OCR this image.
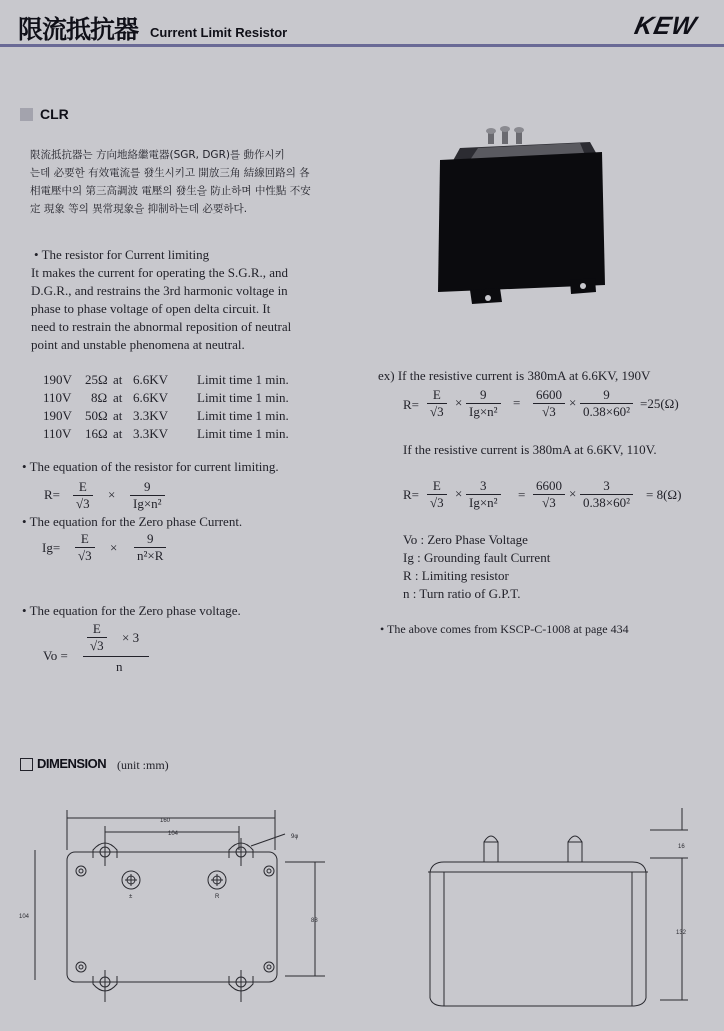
限流抵抗器 Current Limit Resistor	KEW
CLR
限流抵抗器는 方向地絡繼電器(SGR, DGR)를 動作시키
는데 必要한 有效電流를 發生시키고 開放三角 結線回路의 各
相電壓中의 第三高調波 電壓의 發生을 防止하며 中性點 不安
定 現象 等의 異常現象을 抑制하는데 必要하다.
• The resistor for Current limiting
It makes the current for operating the S.G.R., and
D.G.R., and restrains the 3rd harmonic voltage in
phase to phase voltage of open delta circuit. It
need to restrain the abnormal reposition of neutral
point and unstable phenomena at neutral.
190V 25Ω at 6.6KV Limit time 1 min.
110V 8Ω at 6.6KV Limit time 1 min.
190V 50Ω at 3.3KV Limit time 1 min.
110V 16Ω at 3.3KV Limit time 1 min.
• The equation of the resistor for current limiting.
$R= \frac{E}{√3} \times \frac{9}{\text{Ig×n²}}$
• The equation for the Zero phase Current.
$Ig= \frac{E}{√3} \times \frac{9}{\text{n²×R}}$
• The equation for the Zero phase voltage.
$\frac{E}{√3} \times 3$
Vo =
n
ex) If the resistive current is 380mA at 6.6KV, 190V
$R= \frac{E}{√3} \times \frac{9}{\text{Ig×n²}} = \frac{6600}{√3} \times \frac{9}{\text{0.38×60²}} =25(\Omega)$
If the resistive current is 380mA at 6.6KV, 110V.
$R= \frac{E}{√3} \times \frac{3}{\text{Ig×n²}} = \frac{6600}{√3} \times \frac{3}{\text{0.38×60²}} = 8(\Omega)$
Vo : Zero Phase Voltage
Ig : Grounding fault Current
R : Limiting resistor
n : Turn ratio of G.P.T.
• The above comes from KSCP-C-1008 at page 434
DIMENSION (unit :mm)
160
104	9φ
104
88
±	R
16
132
